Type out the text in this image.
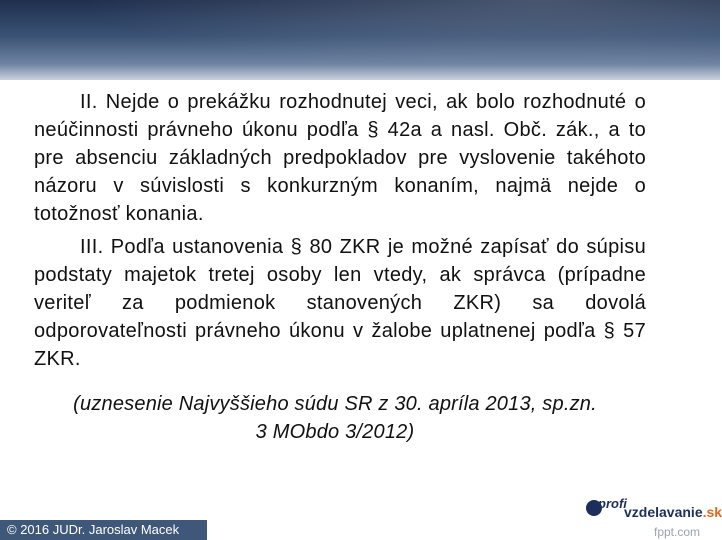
II. Nejde o prekážku rozhodnutej veci, ak bolo rozhodnuté o neúčinnosti právneho úkonu podľa § 42a a nasl. Obč. zák., a to pre absenciu základných predpokladov pre vyslovenie takéhoto názoru v súvislosti s konkurzným konaním, najmä nejde o totožnosť konania.
III. Podľa ustanovenia § 80 ZKR je možné zapísať do súpisu podstaty majetok tretej osoby len vtedy, ak správca (prípadne veriteľ za podmienok stanovených ZKR) sa dovolá odporovateľnosti právneho úkonu v žalobe uplatnenej podľa § 57 ZKR.
(uznesenie Najvyššieho súdu SR z 30. apríla 2013, sp.zn.
3 MObdo 3/2012)
© 2016 JUDr. Jaroslav Macek
profi
vzdelavanie.sk
fppt.com
